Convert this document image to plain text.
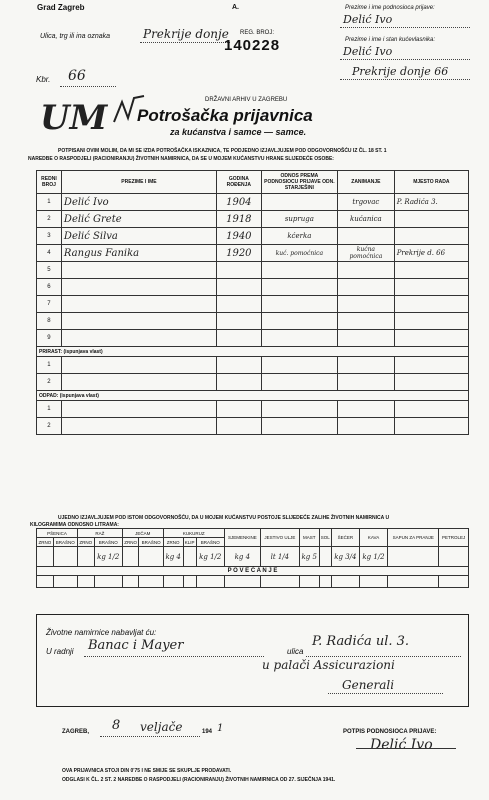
Grad Zagreb	A.
Ulica, trg ili ina oznaka	Prekrije donje
Kbr. 66
REG. BROJ:
140228
UM	DRŽAVNI ARHIV U ZAGREBU
Potrošačka prijavnica
za kućanstva i samce — samce.
Prezime i ime podnosioca prijave:
Delić Ivo
Prezime i ime i stan kućevlasnika:
Delić Ivo
Prekrije donje 66
POTPISANI OVIM MOLIM, DA MI SE IZDA POTROŠAČKA ISKAZNICA, TE PODJEDNO IZJAVLJUJEM POD ODGOVORNOŠĆU IZ ČL. 18 ST. 1
NAREDBE O RASPODJELI (RACIONIRANJU) ŽIVOTNIH NAMIRNICA, DA SE U MOJEM KUĆANSTVU HRANE SLIJEDEĆE OSOBE:
REDNI BROJ	PREZIME I IME	GODINA ROĐENJA	ODNOS PREMA PODNOSIOCU PRIJAVE ODN. STARJEŠINI	ZANIMANJE	MJESTO RADA
1	Delić Ivo	1904		trgovac	P. Radića 3.
2	Delić Grete	1918	supruga	kućanica	
3	Delić Silva	1940	kćerka		
4	Rangus Fanika	1920	kuć. pomoćnica	kućna pomoćnica	Prekrije d. 66
5					
6					
7					
8					
9					
PRIRAST: (ispunjava vlast)					
1					
2					
ODPAD: (ispunjava vlast)					
1					
2					
UJEDNO IZJAVLJUJEM POD ISTOM ODGOVORNOŠĆU, DA U MOJEM KUĆANSTVU POSTOJE SLIJEDEĆE ZALIHE ŽIVOTNIH NAMIRNICA U
KILOGRAMIMA ODNOSNO LITRAMA:
PŠENICA		RAŽ		JEČAM		KUKURUZ			SJEMENKINE	JESTIVO ULJE	MAST	SOL	ŠEĆER	KAVA	SAPUN ZA PRANJE	PETROLEJ
ZRNO	BRAŠNO	ZRNO	BRAŠNO	ZRNO	BRAŠNO	ZRNO	KLIP	BRAŠNO								
			kg 1/2			kg 4		kg 1/2	kg 4	lt 1/4	kg 5		kg 3/4	kg 1/2		
P O V E Ć A N J E																

Životne namirnice nabavljat ću:
U radnji Banac i Mayer	ulica
P. Radića ul. 3.
u palači Assicurazioni
Generali
ZAGREB, 8 veljače	194 1	POTPIS PODNOSIOCA PRIJAVE:
Delić Ivo
OVA PRIJAVNICA STOJI DIN 0'75 I NE SMIJE SE SKUPLJE PRODAVATI.
ODGLASI K ČL. 2 ST. 2 NAREDBE O RASPODJELI (RACIONIRANJU) ŽIVOTNIH NAMIRNICA OD 27. SIJEČNJA 1941.
